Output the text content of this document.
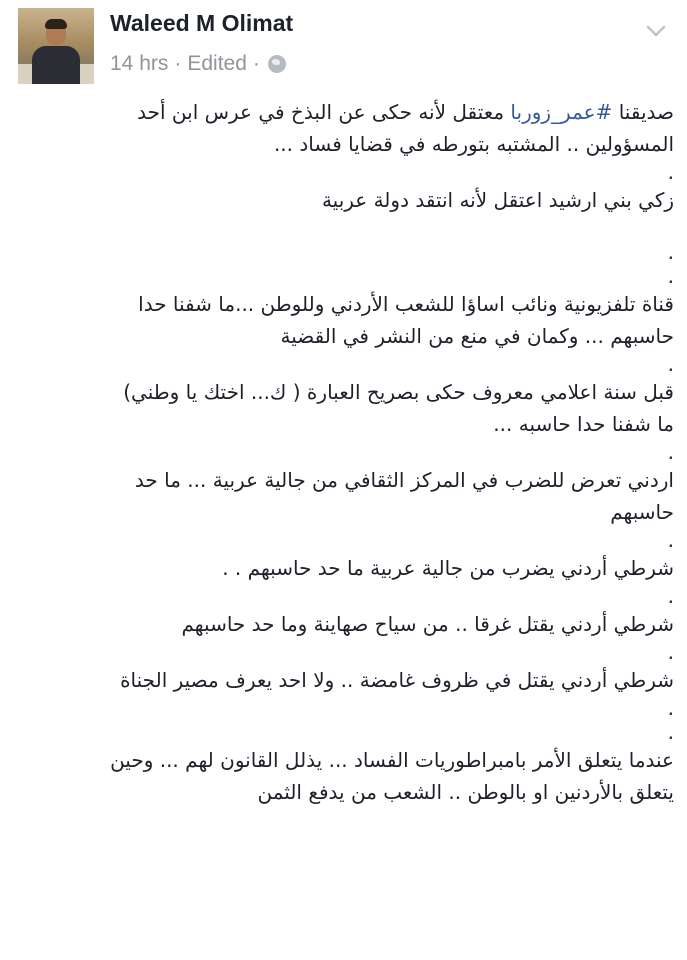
Waleed M Olimat
14 hrs · Edited ·

صديقنا #عمر_زوربا معتقل لأنه حكى عن البذخ في عرس ابن أحد

المسؤولين .. المشتبه بتورطه في قضايا فساد ...

.

زكي بني ارشيد اعتقل لأنه انتقد دولة عربية

.

.

قناة تلفزيونية ونائب اساؤا للشعب الأردني وللوطن ...ما شفنا حدا

حاسبهم ... وكمان في منع من النشر في القضية

.

قبل سنة اعلامي معروف حكى بصريح العبارة ( ك... اختك يا وطني)

ما شفنا حدا حاسبه ...

.

اردني تعرض للضرب في المركز الثقافي من جالية عربية ... ما حد

حاسبهم

.

شرطي أردني يضرب من جالية عربية ما حد حاسبهم . .

.

شرطي أردني يقتل غرقا .. من سياح صهاينة وما حد حاسبهم

.

شرطي أردني يقتل في ظروف غامضة .. ولا احد يعرف مصير الجناة

.

.

عندما يتعلق الأمر بامبراطوريات الفساد ... يذلل القانون لهم ... وحين

يتعلق بالأردنين او بالوطن .. الشعب من يدفع الثمن
